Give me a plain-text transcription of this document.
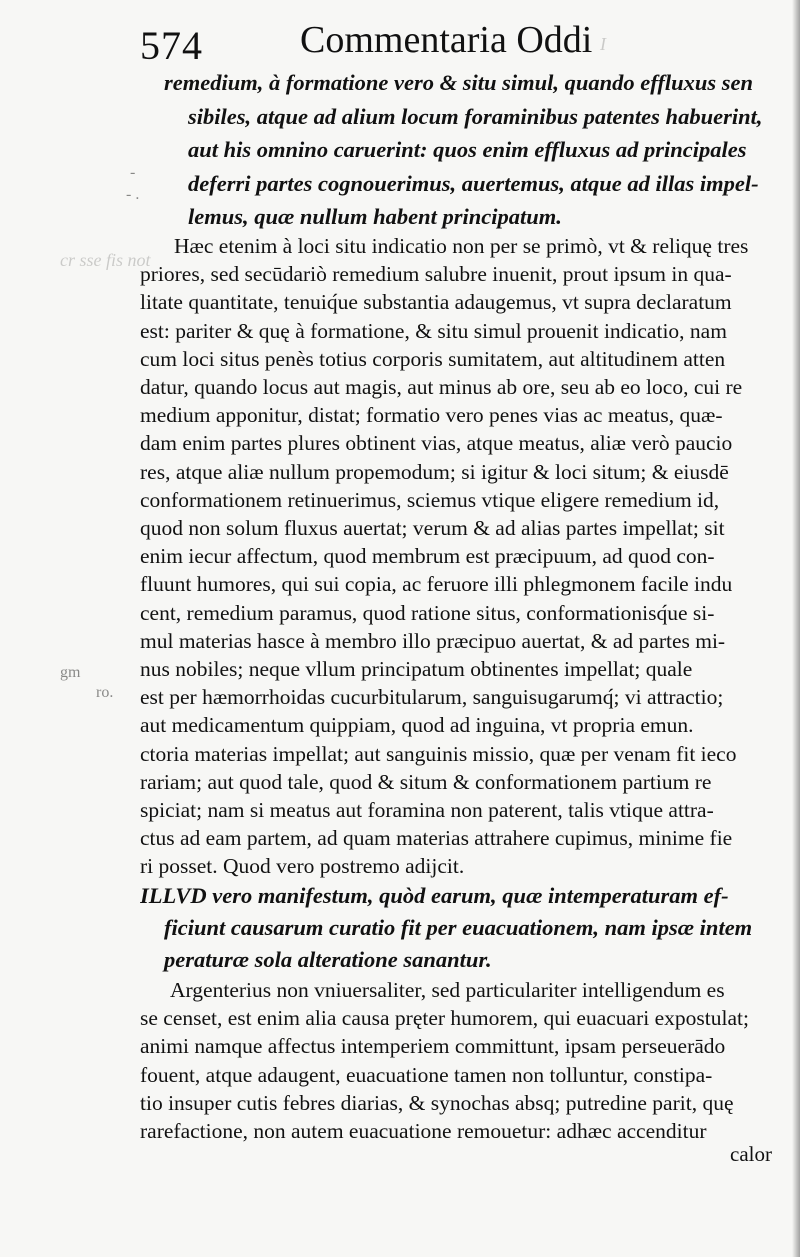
I
cr sse fis not
gm
ro.
-
- .
574	Commentaria Oddi
remedium, à formatione vero & situ simul, quando effluxus sen
sibiles, atque ad alium locum foraminibus patentes habuerint,
aut his omnino caruerint: quos enim effluxus ad principales
deferri partes cognouerimus, auertemus, atque ad illas impel-
lemus, quæ nullum habent principatum.
Hæc etenim à loci situ indicatio non per se primò, vt & reliquę tres
priores, sed secūdariò remedium salubre inuenit, prout ipsum in qua-
litate quantitate, tenuiq́ue substantia adaugemus, vt supra declaratum
est: pariter & quę à formatione, & situ simul prouenit indicatio, nam
cum loci situs penès totius corporis sumitatem, aut altitudinem atten
datur, quando locus aut magis, aut minus ab ore, seu ab eo loco, cui re
medium apponitur, distat; formatio vero penes vias ac meatus, quæ-
dam enim partes plures obtinent vias, atque meatus, aliæ verò paucio
res, atque aliæ nullum propemodum; si igitur & loci situm; & eiusdē
conformationem retinuerimus, sciemus vtique eligere remedium id,
quod non solum fluxus auertat; verum & ad alias partes impellat; sit
enim iecur affectum, quod membrum est præcipuum, ad quod con-
fluunt humores, qui sui copia, ac feruore illi phlegmonem facile indu
cent, remedium paramus, quod ratione situs, conformationisq́ue si-
mul materias hasce à membro illo præcipuo auertat, & ad partes mi-
nus nobiles; neque vllum principatum obtinentes impellat; quale
est per hæmorrhoidas cucurbitularum, sanguisugarumq́; vi attractio;
aut medicamentum quippiam, quod ad inguina, vt propria emun.
ctoria materias impellat; aut sanguinis missio, quæ per venam fit ieco
rariam; aut quod tale, quod & situm & conformationem partium re
spiciat; nam si meatus aut foramina non paterent, talis vtique attra-
ctus ad eam partem, ad quam materias attrahere cupimus, minime fie
ri posset. Quod vero postremo adijcit.
ILLVD vero manifestum, quòd earum, quæ intemperaturam ef-
ficiunt causarum curatio fit per euacuationem, nam ipsæ intem
peraturæ sola alteratione sanantur.
Argenterius non vniuersaliter, sed particulariter intelligendum es
se censet, est enim alia causa pręter humorem, qui euacuari expostulat;
animi namque affectus intemperiem committunt, ipsam perseuerādo
fouent, atque adaugent, euacuatione tamen non tolluntur, constipa-
tio insuper cutis febres diarias, & synochas absq; putredine parit, quę
rarefactione, non autem euacuatione remouetur: adhæc accenditur
calor
